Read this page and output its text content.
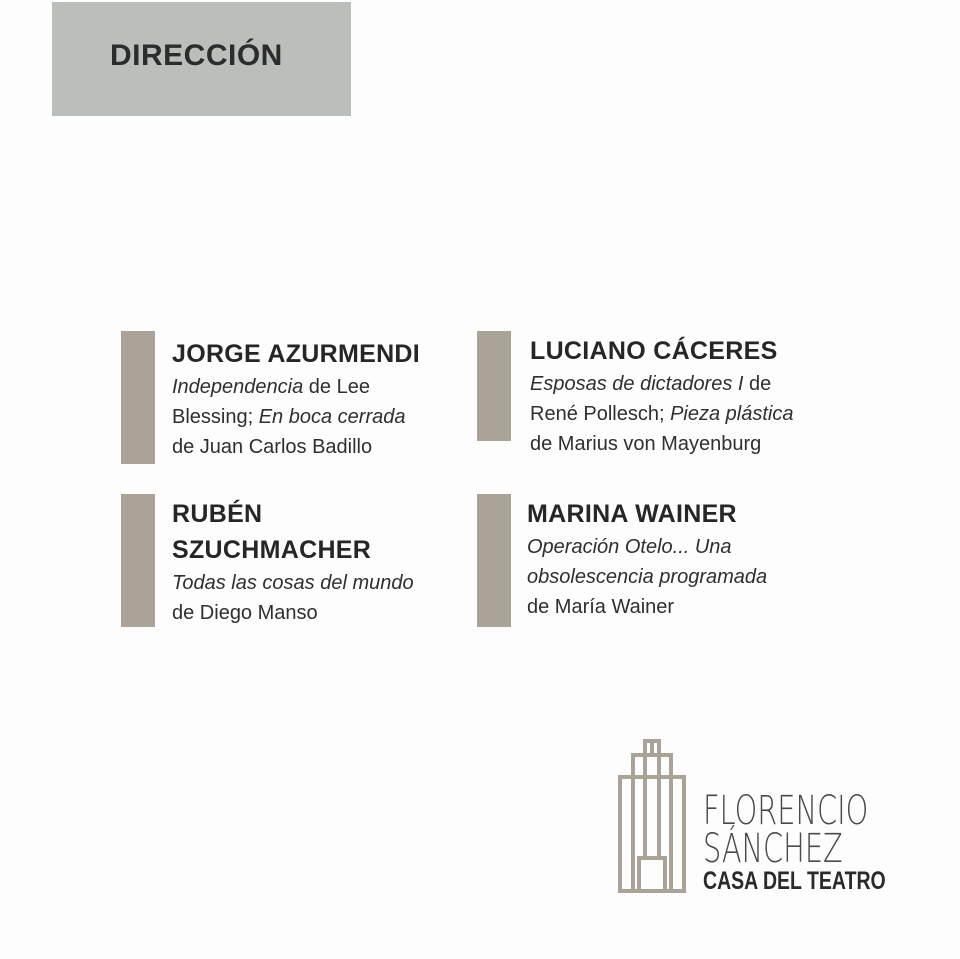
DIRECCIÓN
JORGE AZURMENDI
Independencia de Lee
Blessing; En boca cerrada
de Juan Carlos Badillo
LUCIANO CÁCERES
Esposas de dictadores I de
René Pollesch; Pieza plástica
de Marius von Mayenburg
RUBÉN
SZUCHMACHER
Todas las cosas del mundo
de Diego Manso
MARINA WAINER
Operación Otelo... Una
obsolescencia programada
de María Wainer
FLORENCIO
SÁNCHEZ
CASA DEL TEATRO
